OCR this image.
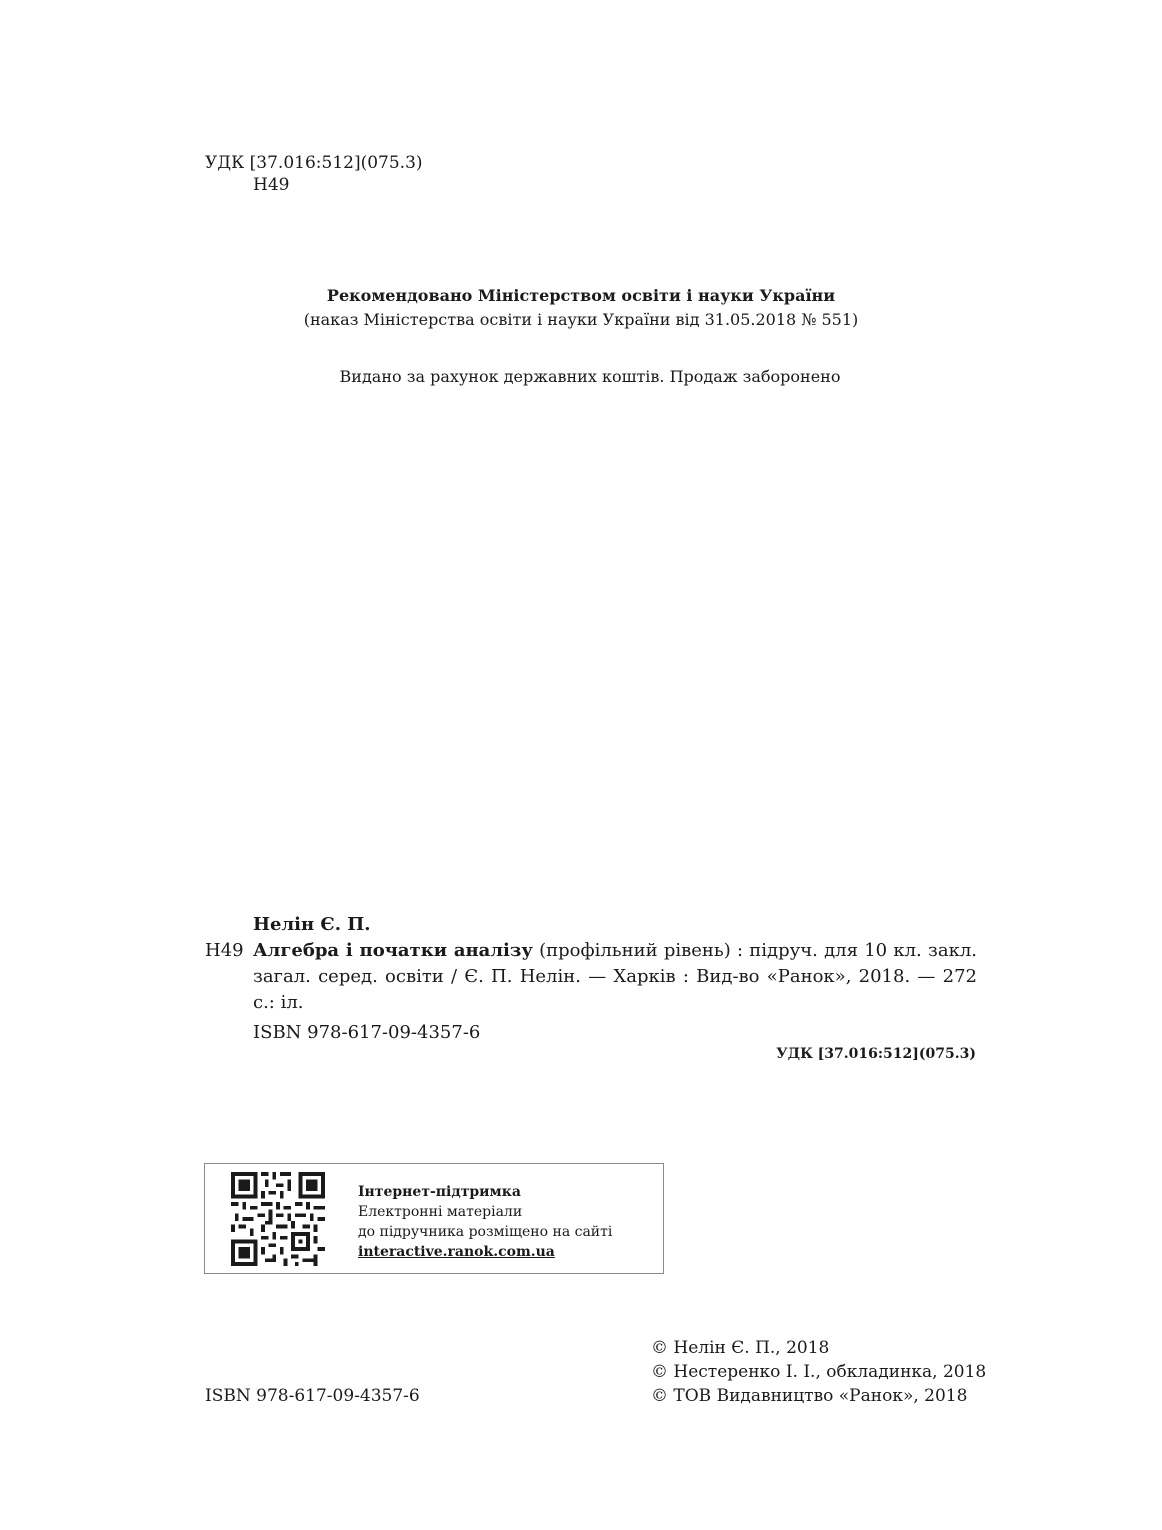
УДК [37.016:512](075.3)
Н49
Рекомендовано Міністерством освіти і науки України
(наказ Міністерства освіти і науки України від 31.05.2018 № 551)
Видано за рахунок державних коштів. Продаж заборонено
Нелін Є. П.
Н49 Алгебра і початки аналізу (профільний рівень) : підруч. для 10 кл. закл. загал. серед. освіти / Є. П. Нелін. — Харків : Вид-во «Ранок», 2018. — 272 с.: іл.
ISBN 978-617-09-4357-6
УДК [37.016:512](075.3)
Інтернет-підтримка
Електронні матеріали
до підручника розміщено на сайті
interactive.ranok.com.ua
© Нелін Є. П., 2018
© Нестеренко І. І., обкладинка, 2018
© ТОВ Видавництво «Ранок», 2018
ISBN 978-617-09-4357-6
